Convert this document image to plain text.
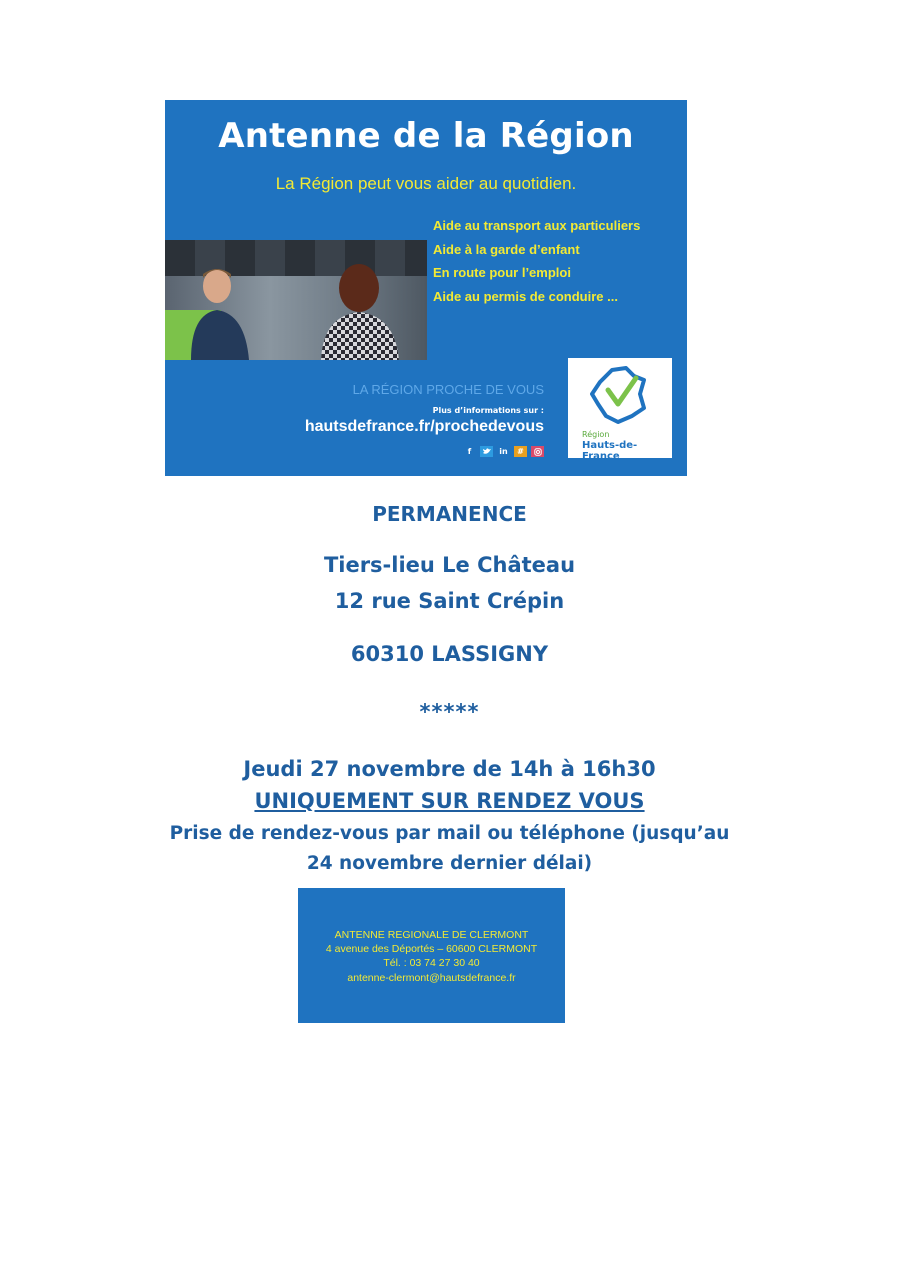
Antenne de la Région
La Région peut vous aider au quotidien.
Aide au transport aux particuliers
Aide à la garde d’enfant
En route pour l’emploi
Aide au permis de conduire ...
LA RÉGION PROCHE DE VOUS
Plus d’informations sur :
hautsdefrance.fr/prochedevous
f	in	#
Région
Hauts-de-France
PERMANENCE
Tiers-lieu Le Château
12 rue Saint Crépin
60310 LASSIGNY
*****
Jeudi 27 novembre de 14h à 16h30
UNIQUEMENT SUR RENDEZ VOUS
Prise de rendez-vous par mail ou téléphone (jusqu’au
24 novembre dernier délai)
ANTENNE REGIONALE DE CLERMONT
4 avenue des Déportés – 60600 CLERMONT
Tél. : 03 74 27 30 40
antenne-clermont@hautsdefrance.fr
